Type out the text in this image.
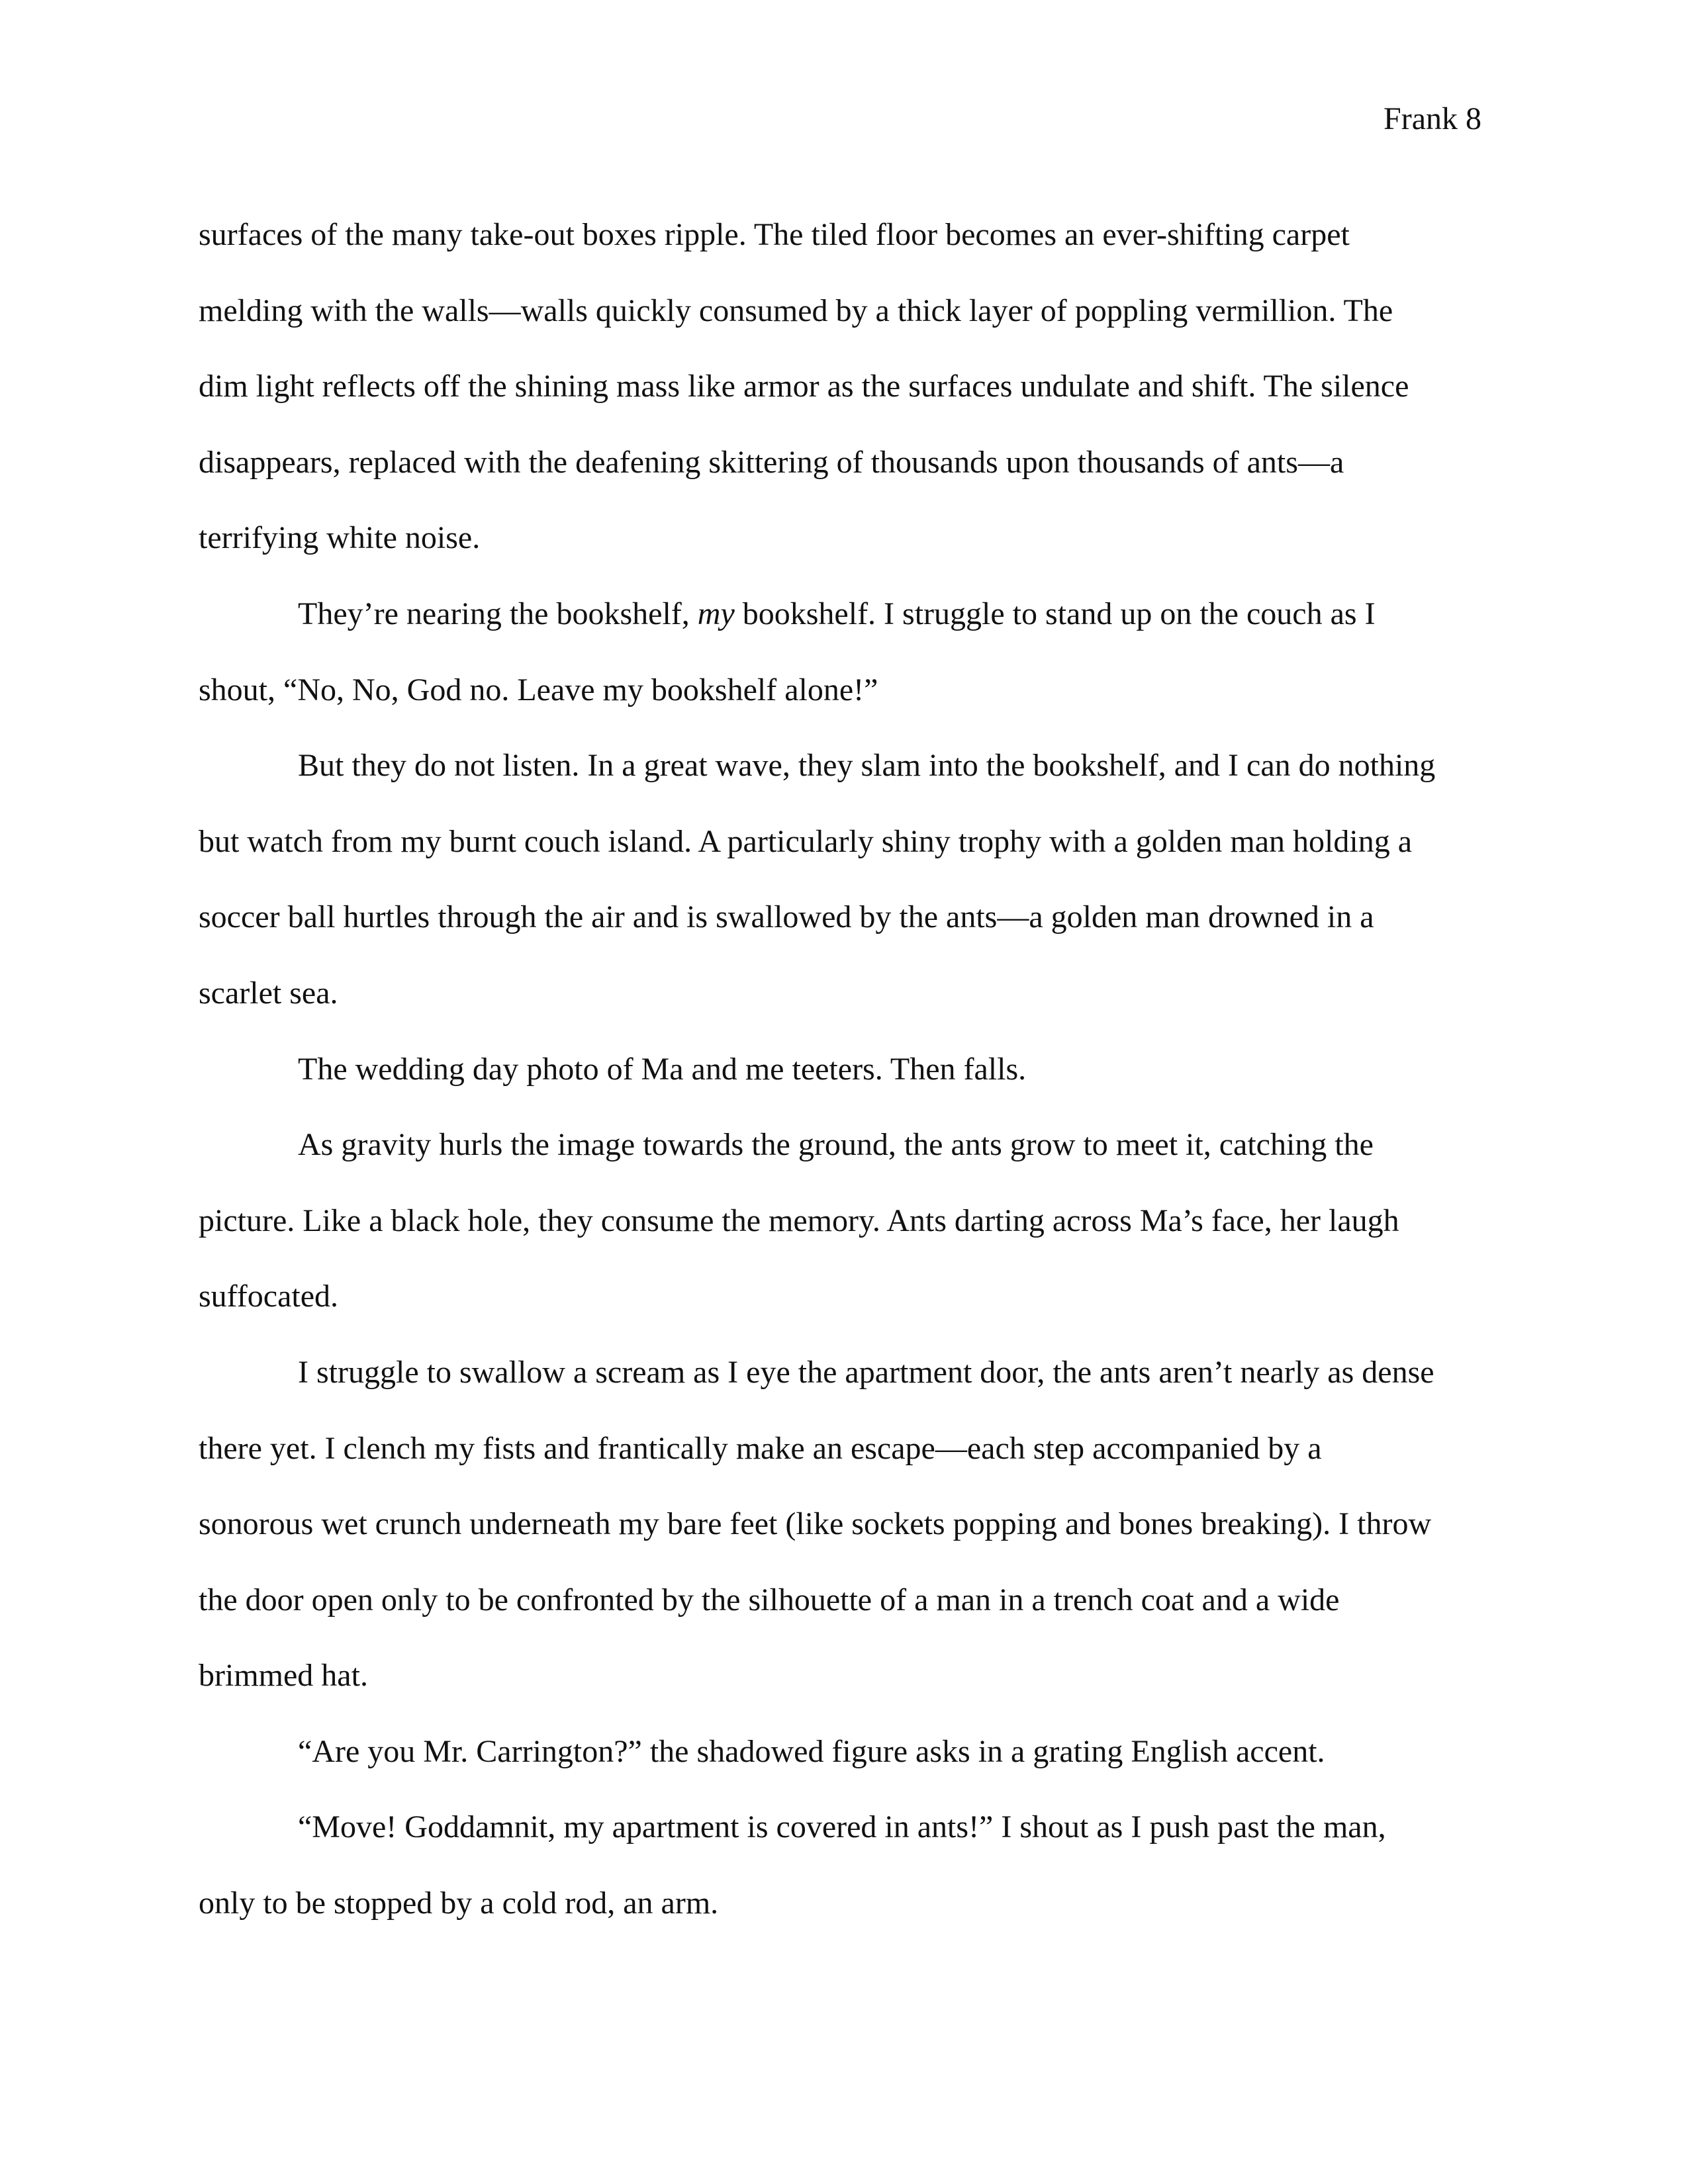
Frank 8

surfaces of the many take-out boxes ripple. The tiled floor becomes an ever-shifting carpet
melding with the walls—walls quickly consumed by a thick layer of poppling vermillion. The
dim light reflects off the shining mass like armor as the surfaces undulate and shift. The silence
disappears, replaced with the deafening skittering of thousands upon thousands of ants—a
terrifying white noise.

They’re nearing the bookshelf, my bookshelf. I struggle to stand up on the couch as I
shout, “No, No, God no. Leave my bookshelf alone!”

But they do not listen. In a great wave, they slam into the bookshelf, and I can do nothing
but watch from my burnt couch island. A particularly shiny trophy with a golden man holding a
soccer ball hurtles through the air and is swallowed by the ants—a golden man drowned in a
scarlet sea.

The wedding day photo of Ma and me teeters. Then falls.

As gravity hurls the image towards the ground, the ants grow to meet it, catching the
picture. Like a black hole, they consume the memory. Ants darting across Ma’s face, her laugh
suffocated.

I struggle to swallow a scream as I eye the apartment door, the ants aren’t nearly as dense
there yet. I clench my fists and frantically make an escape—each step accompanied by a
sonorous wet crunch underneath my bare feet (like sockets popping and bones breaking). I throw
the door open only to be confronted by the silhouette of a man in a trench coat and a wide
brimmed hat.

“Are you Mr. Carrington?” the shadowed figure asks in a grating English accent.

“Move! Goddamnit, my apartment is covered in ants!” I shout as I push past the man,
only to be stopped by a cold rod, an arm.
